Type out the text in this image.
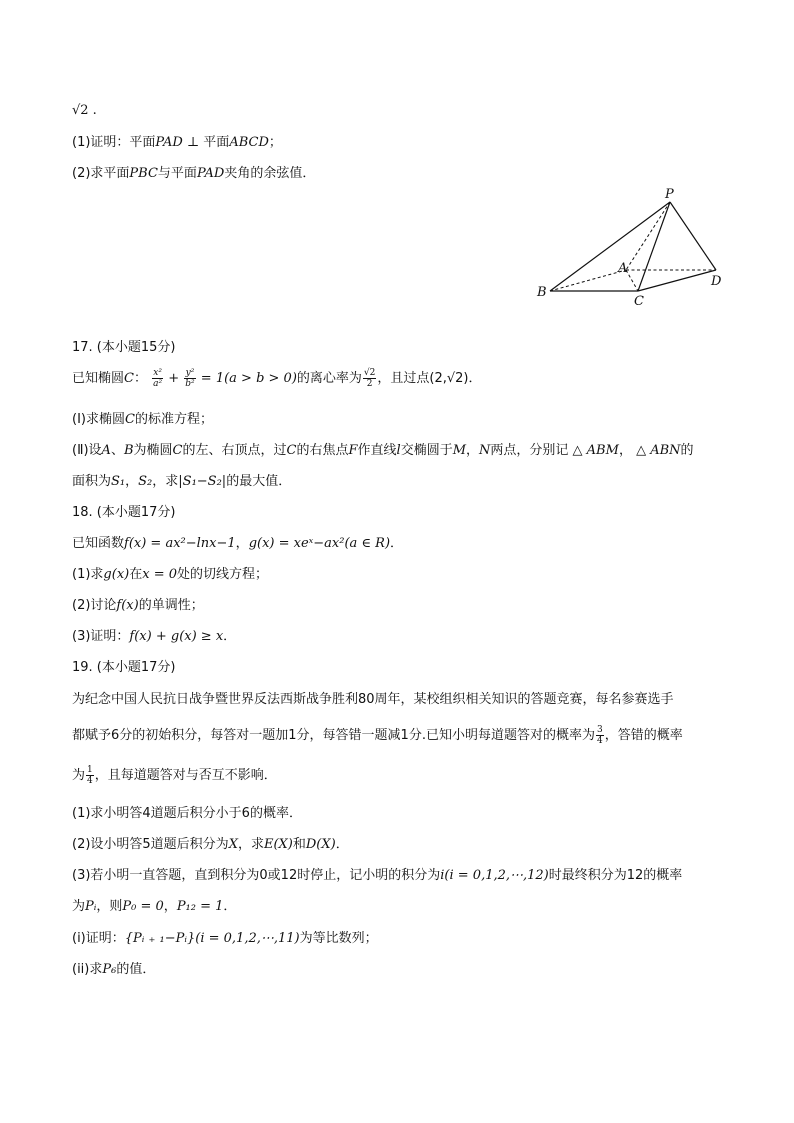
√2 .
(1)证明：平面PAD ⊥ 平面ABCD；
(2)求平面PBC与平面PAD夹角的余弦值．
P
A
B
C
D
17. (本小题15分)
已知椭圆C： $\frac{\text{x²}}{\text{a²}} + \frac{\text{y²}}{\text{b²}} = 1(a > b > 0)$的离心率为 $\frac{√2}{2}$ ，且过点(2,√2)．
(Ⅰ)求椭圆C的标准方程；
(Ⅱ)设A、B为椭圆C的左、右顶点，过C的右焦点F作直线l交椭圆于M，N两点，分别记 △ ABM， △ ABN的
面积为S₁，S₂，求|S₁−S₂|的最大值．
18. (本小题17分)
已知函数f(x) = ax²−lnx−1，g(x) = xeˣ−ax²(a ∈ R)．
(1)求g(x)在x = 0处的切线方程；
(2)讨论f(x)的单调性；
(3)证明：f(x) + g(x) ≥ x．
19. (本小题17分)
为纪念中国人民抗日战争暨世界反法西斯战争胜利80周年，某校组织相关知识的答题竞赛，每名参赛选手
都赋予6分的初始积分，每答对一题加1分，每答错一题减1分.已知小明每道题答对的概率为 $\frac{3}{4}$ ，答错的概率
为 $\frac{1}{4}$ ，且每道题答对与否互不影响．
(1)求小明答4道题后积分小于6的概率．
(2)设小明答5道题后积分为X，求E(X)和D(X)．
(3)若小明一直答题，直到积分为0或12时停止，记小明的积分为i(i = 0,1,2,⋯,12)时最终积分为12的概率
为Pᵢ，则P₀ = 0，P₁₂ = 1．
(i)证明：{Pᵢ ₊ ₁−Pᵢ}(i = 0,1,2,⋯,11)为等比数列；
(ii)求P₆的值．
